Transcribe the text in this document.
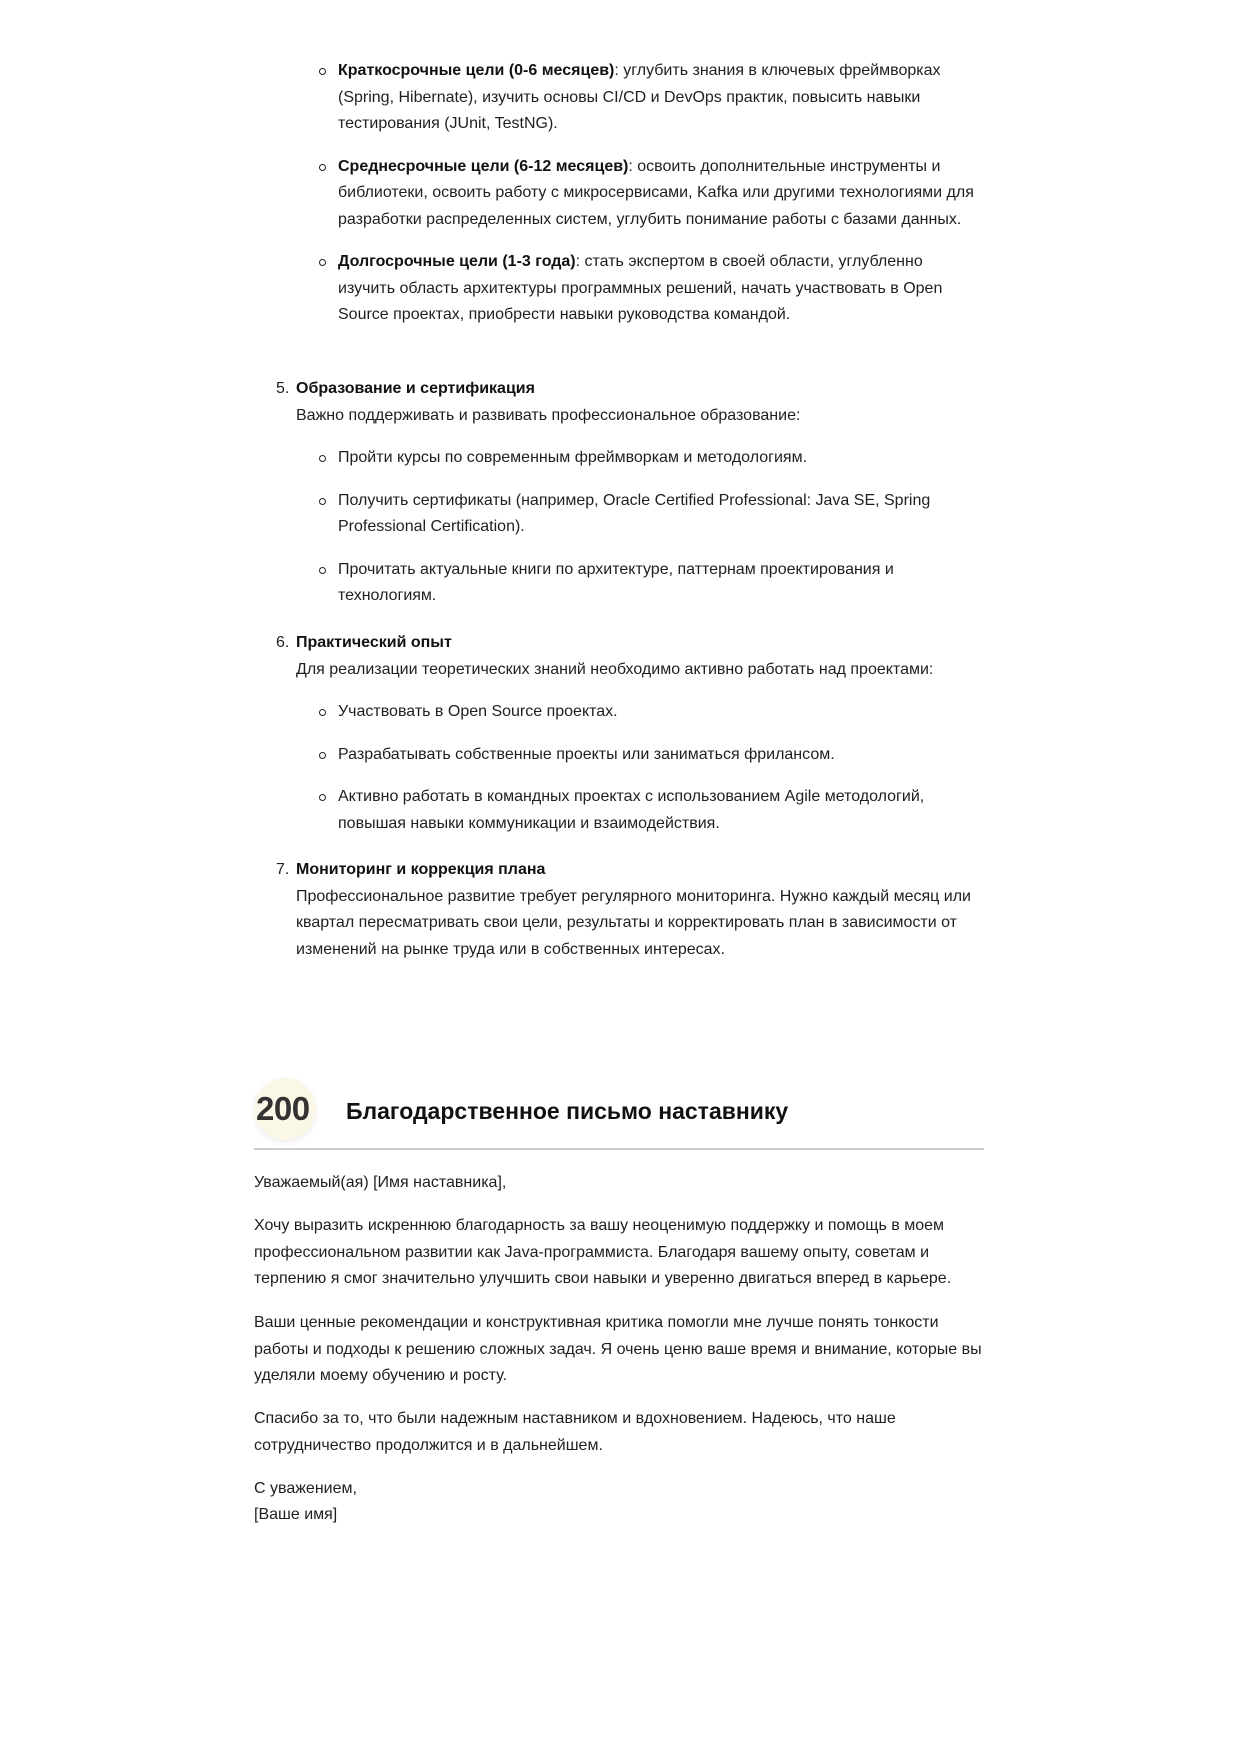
Краткосрочные цели (0-6 месяцев): углубить знания в ключевых фреймворках (Spring, Hibernate), изучить основы CI/CD и DevOps практик, повысить навыки тестирования (JUnit, TestNG).
Среднесрочные цели (6-12 месяцев): освоить дополнительные инструменты и библиотеки, освоить работу с микросервисами, Kafka или другими технологиями для разработки распределенных систем, углубить понимание работы с базами данных.
Долгосрочные цели (1-3 года): стать экспертом в своей области, углубленно изучить область архитектуры программных решений, начать участвовать в Open Source проектах, приобрести навыки руководства командой.
5. Образование и сертификация
Важно поддерживать и развивать профессиональное образование:
Пройти курсы по современным фреймворкам и методологиям.
Получить сертификаты (например, Oracle Certified Professional: Java SE, Spring Professional Certification).
Прочитать актуальные книги по архитектуре, паттернам проектирования и технологиям.
6. Практический опыт
Для реализации теоретических знаний необходимо активно работать над проектами:
Участвовать в Open Source проектах.
Разрабатывать собственные проекты или заниматься фрилансом.
Активно работать в командных проектах с использованием Agile методологий, повышая навыки коммуникации и взаимодействия.
7. Мониторинг и коррекция плана
Профессиональное развитие требует регулярного мониторинга. Нужно каждый месяц или квартал пересматривать свои цели, результаты и корректировать план в зависимости от изменений на рынке труда или в собственных интересах.
200 Благодарственное письмо наставнику

Уважаемый(ая) [Имя наставника],

Хочу выразить искреннюю благодарность за вашу неоценимую поддержку и помощь в моем профессиональном развитии как Java-программиста. Благодаря вашему опыту, советам и терпению я смог значительно улучшить свои навыки и уверенно двигаться вперед в карьере.

Ваши ценные рекомендации и конструктивная критика помогли мне лучше понять тонкости работы и подходы к решению сложных задач. Я очень ценю ваше время и внимание, которые вы уделяли моему обучению и росту.

Спасибо за то, что были надежным наставником и вдохновением. Надеюсь, что наше сотрудничество продолжится и в дальнейшем.

С уважением,

[Ваше имя]
